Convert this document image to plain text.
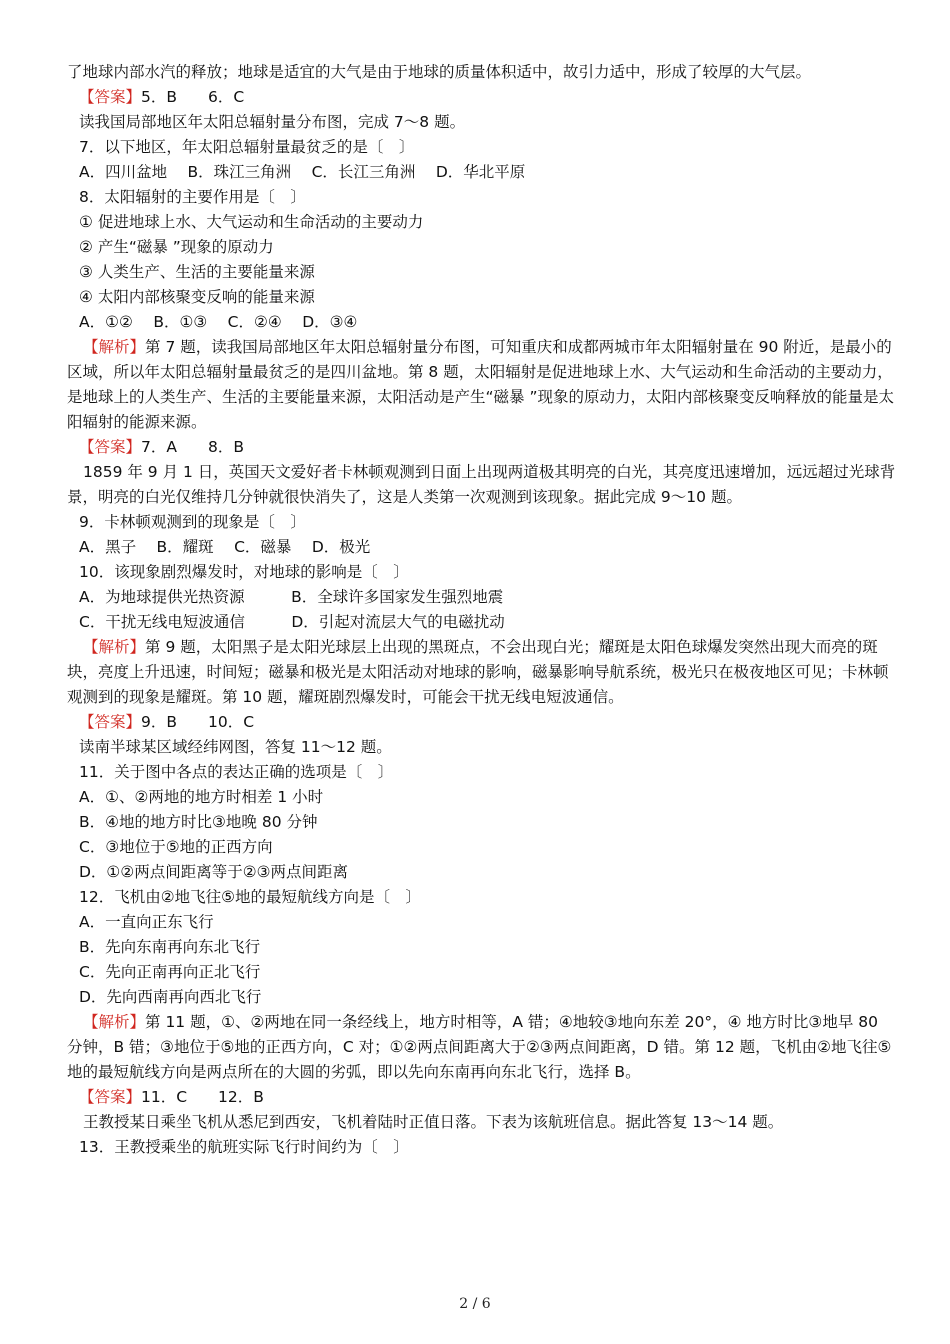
了地球内部水汽的释放；地球是适宜的大气是由于地球的质量体积适中，故引力适中，形成了较厚的大气层。

【答案】5．B　　6．C

读我国局部地区年太阳总辐射量分布图，完成 7～8 题。

7．以下地区，年太阳总辐射量最贫乏的是〔　〕

A．四川盆地　 B．珠江三角洲　 C．长江三角洲　 D．华北平原

8．太阳辐射的主要作用是〔　〕

① 促进地球上水、大气运动和生命活动的主要动力

② 产生“磁暴 ”现象的原动力

③ 人类生产、生活的主要能量来源

④ 太阳内部核聚变反响的能量来源

A．①②　 B．①③　 C．②④　 D．③④

【解析】第 7 题，读我国局部地区年太阳总辐射量分布图，可知重庆和成都两城市年太阳辐射量在 90 附近，是最小的区域，所以年太阳总辐射量最贫乏的是四川盆地。第 8 题，太阳辐射是促进地球上水、大气运动和生命活动的主要动力，是地球上的人类生产、生活的主要能量来源，太阳活动是产生“磁暴 ”现象的原动力，太阳内部核聚变反响释放的能量是太阳辐射的能源来源。

【答案】7．A　　8．B

1859 年 9 月 1 日，英国天文爱好者卡林顿观测到日面上出现两道极其明亮的白光，其亮度迅速增加，远远超过光球背景，明亮的白光仅维持几分钟就很快消失了，这是人类第一次观测到该现象。据此完成 9～10 题。

9．卡林顿观测到的现象是〔　〕

A．黑子　 B．耀斑　 C．磁暴　 D．极光

10．该现象剧烈爆发时，对地球的影响是〔　〕

A．为地球提供光热资源　　　B．全球许多国家发生强烈地震

C．干扰无线电短波通信　　　D．引起对流层大气的电磁扰动

【解析】第 9 题，太阳黑子是太阳光球层上出现的黑斑点，不会出现白光；耀斑是太阳色球爆发突然出现大而亮的斑块，亮度上升迅速，时间短；磁暴和极光是太阳活动对地球的影响，磁暴影响导航系统，极光只在极夜地区可见；卡林顿观测到的现象是耀斑。第 10 题，耀斑剧烈爆发时，可能会干扰无线电短波通信。

【答案】9．B　　10．C

读南半球某区域经纬网图，答复 11～12 题。

11．关于图中各点的表达正确的选项是〔　〕

A．①、②两地的地方时相差 1 小时

B．④地的地方时比③地晚 80 分钟

C．③地位于⑤地的正西方向

D．①②两点间距离等于②③两点间距离

12．飞机由②地飞往⑤地的最短航线方向是〔　〕

A．一直向正东飞行

B．先向东南再向东北飞行

C．先向正南再向正北飞行

D．先向西南再向西北飞行

【解析】第 11 题，①、②两地在同一条经线上，地方时相等，A 错；④地较③地向东差 20°，④ 地方时比③地早 80 分钟，B 错；③地位于⑤地的正西方向，C 对；①②两点间距离大于②③两点间距离，D 错。第 12 题，飞机由②地飞往⑤地的最短航线方向是两点所在的大圆的劣弧，即以先向东南再向东北飞行，选择 B。

【答案】11．C　　12．B

王教授某日乘坐飞机从悉尼到西安，飞机着陆时正值日落。下表为该航班信息。据此答复 13～14 题。

13．王教授乘坐的航班实际飞行时间约为〔　〕

2 / 6
